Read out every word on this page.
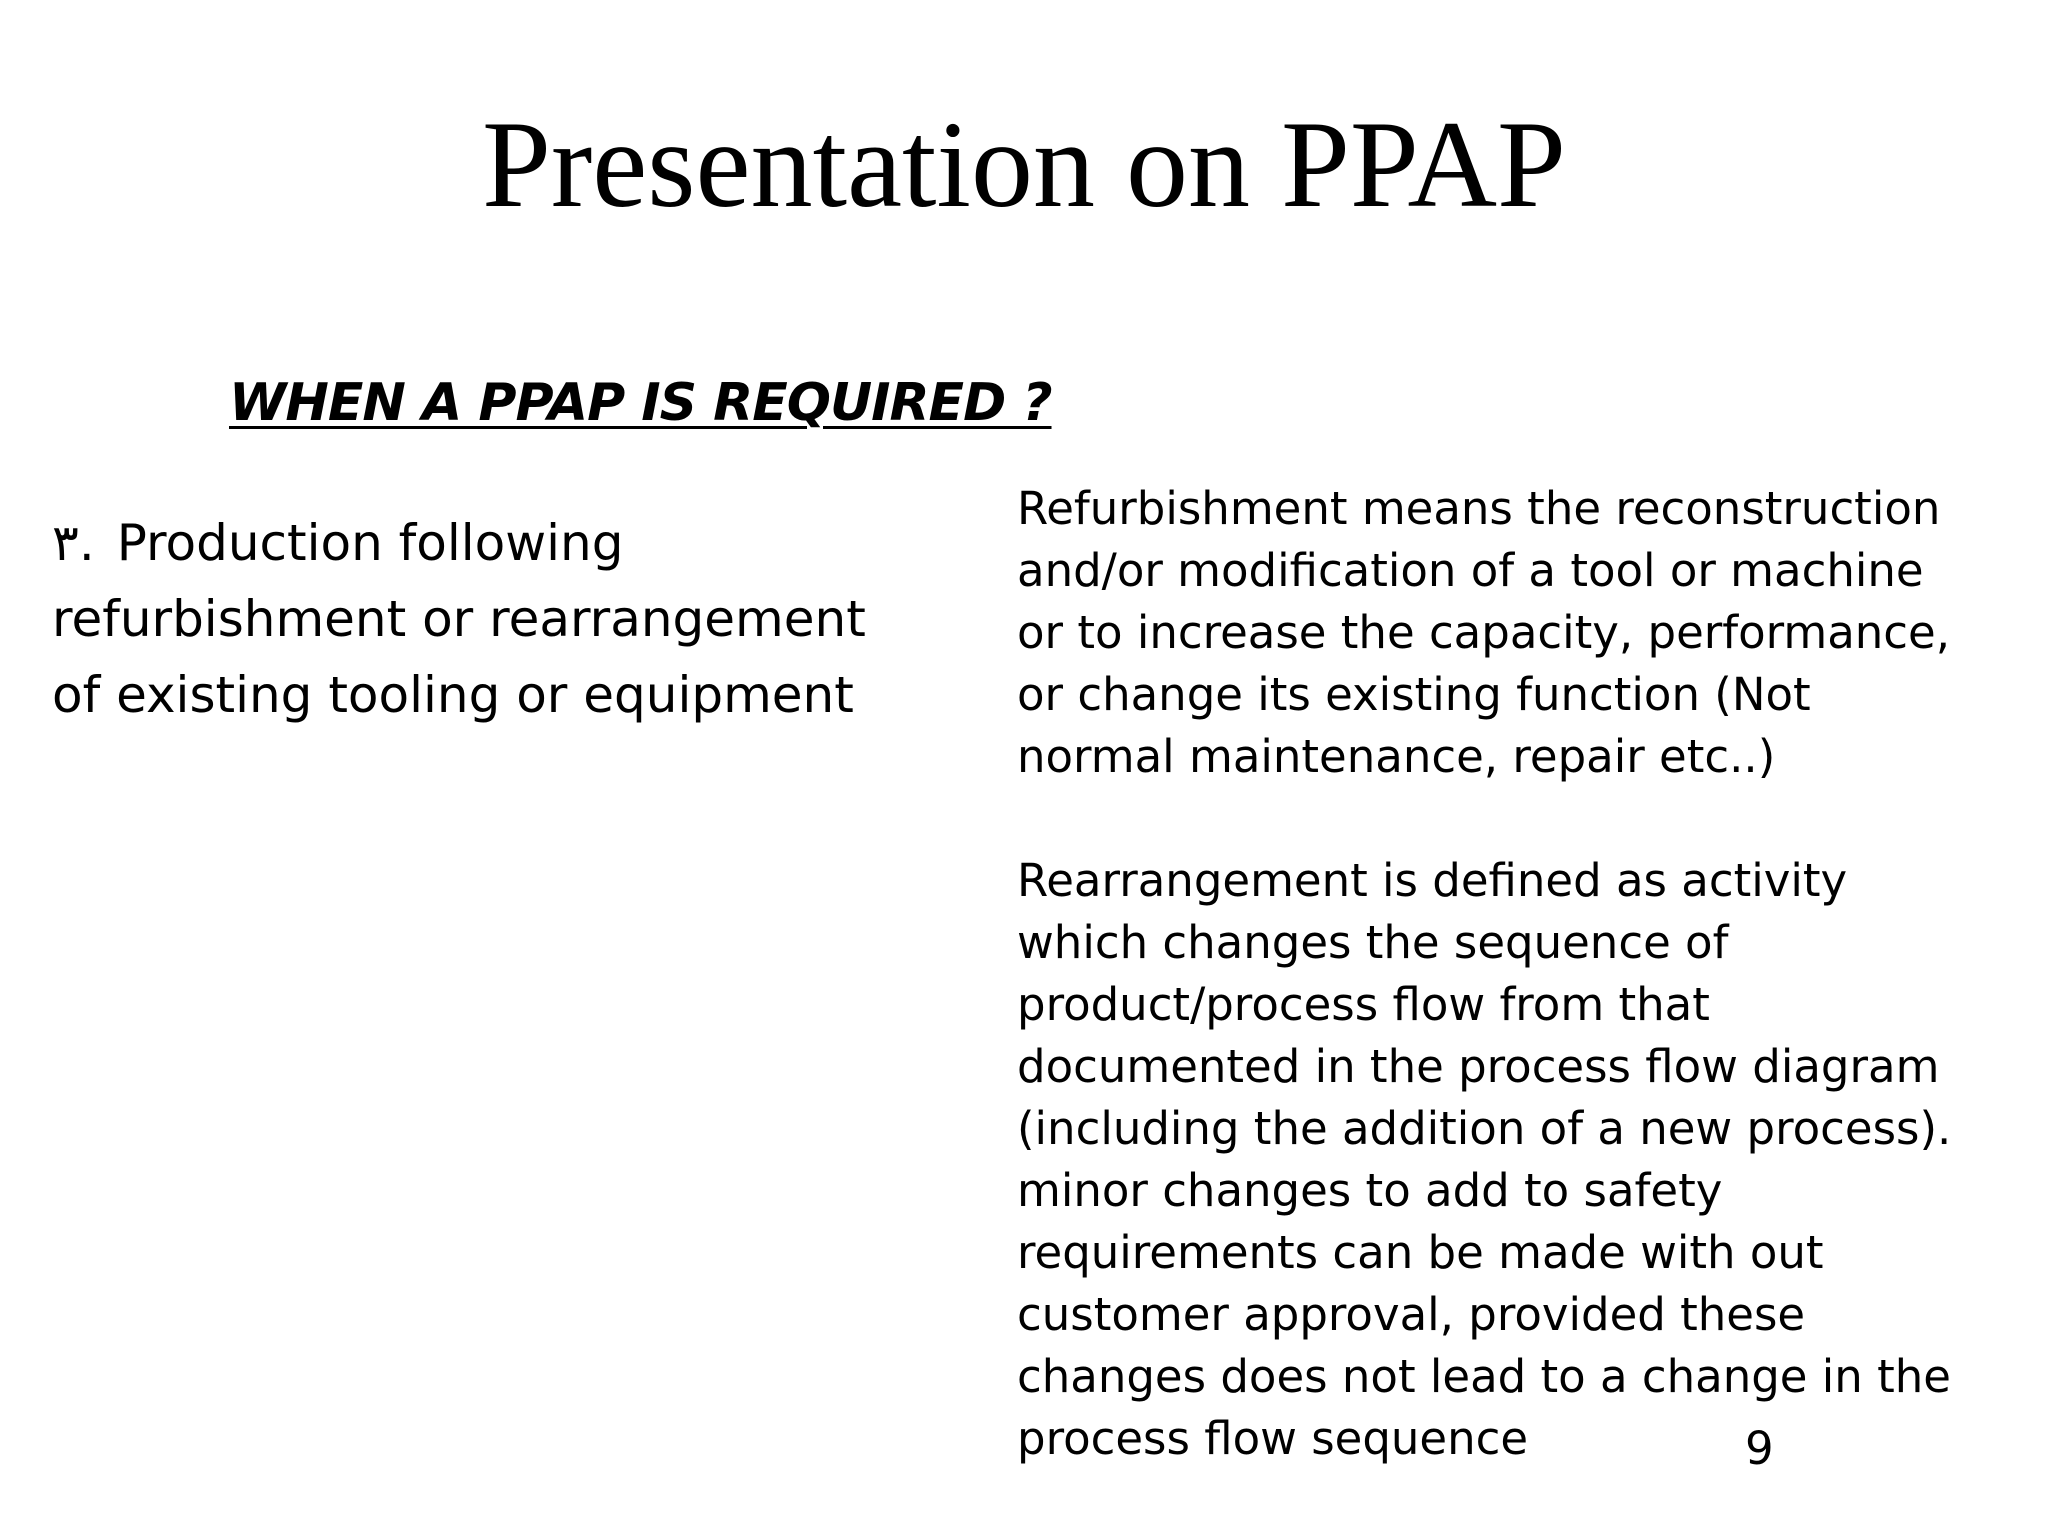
Presentation on PPAP

WHEN A PPAP IS REQUIRED ?

٣. Production following
refurbishment or rearrangement
of existing tooling or equipment
Refurbishment means the reconstruction
and/or modification of a tool or machine
or to increase the capacity, performance,
or change its existing function (Not
normal maintenance, repair etc..)
Rearrangement is defined as activity
which changes the sequence of
product/process flow from that
documented in the process flow diagram
(including the addition of a new process).
minor changes to add to safety
requirements can be made with out
customer approval, provided these
changes does not lead to a change in the
process flow sequence	9
